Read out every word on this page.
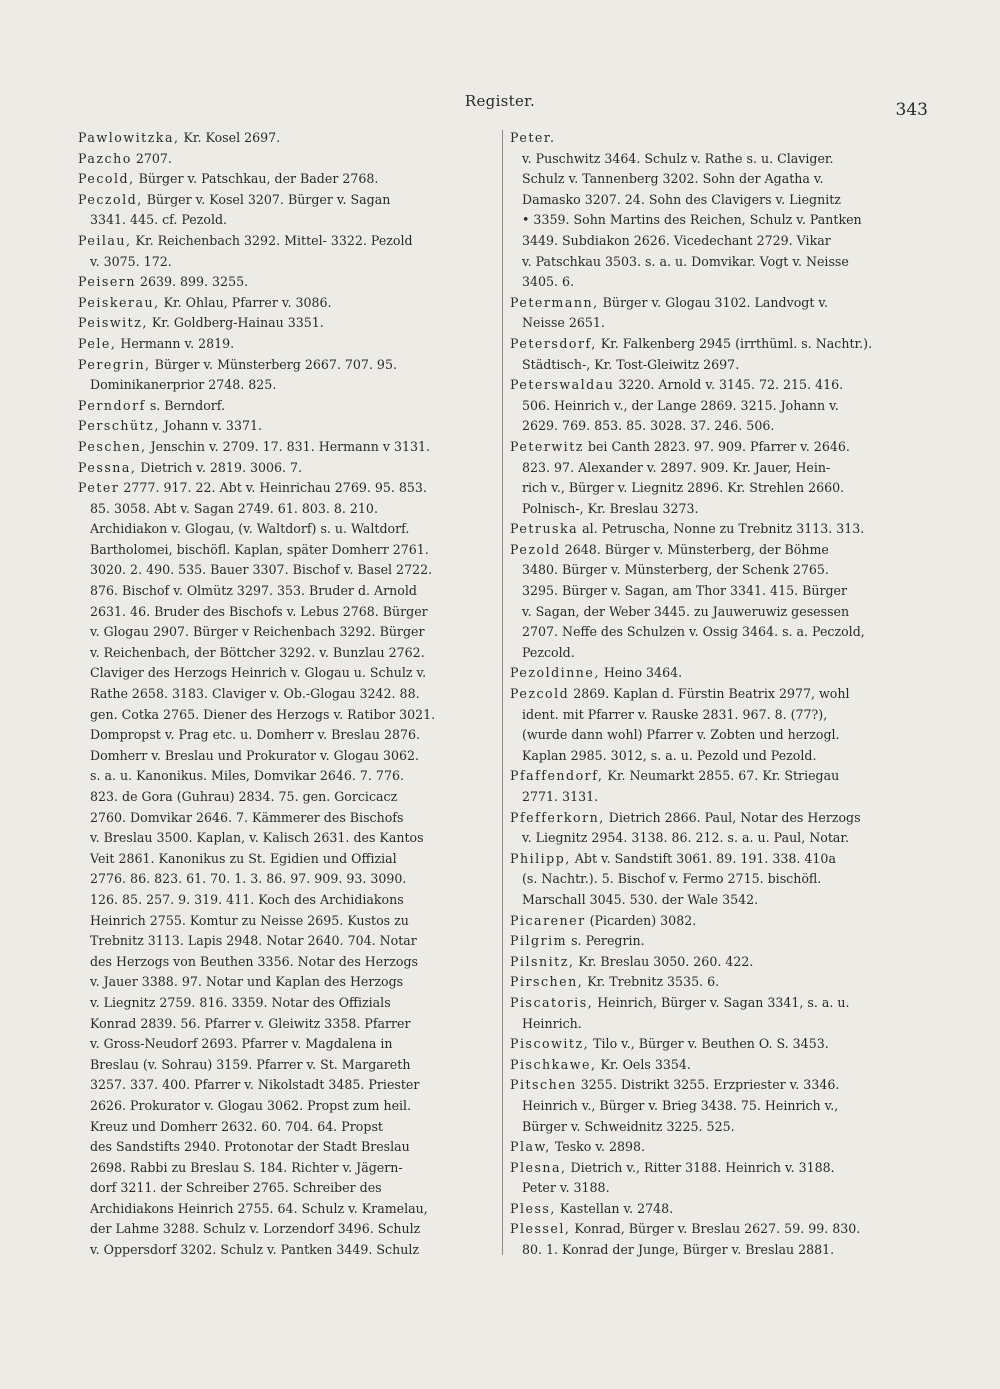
Register.	343
Pawlowitzka, Kr. Kosel 2697.
Pazcho 2707.
Pecold, Bürger v. Patschkau, der Bader 2768.
Peczold, Bürger v. Kosel 3207. Bürger v. Sagan
3341. 445. cf. Pezold.
Peilau, Kr. Reichenbach 3292. Mittel- 3322. Pezold
v. 3075. 172.
Peisern 2639. 899. 3255.
Peiskerau, Kr. Ohlau, Pfarrer v. 3086.
Peiswitz, Kr. Goldberg-Hainau 3351.
Pele, Hermann v. 2819.
Peregrin, Bürger v. Münsterberg 2667. 707. 95.
Dominikanerprior 2748. 825.
Perndorf s. Berndorf.
Perschütz, Johann v. 3371.
Peschen, Jenschin v. 2709. 17. 831. Hermann v 3131.
Pessna, Dietrich v. 2819. 3006. 7.
Peter 2777. 917. 22. Abt v. Heinrichau 2769. 95. 853.
85. 3058. Abt v. Sagan 2749. 61. 803. 8. 210.
Archidiakon v. Glogau, (v. Waltdorf) s. u. Waltdorf.
Bartholomei, bischöfl. Kaplan, später Domherr 2761.
3020. 2. 490. 535. Bauer 3307. Bischof v. Basel 2722.
876. Bischof v. Olmütz 3297. 353. Bruder d. Arnold
2631. 46. Bruder des Bischofs v. Lebus 2768. Bürger
v. Glogau 2907. Bürger v Reichenbach 3292. Bürger
v. Reichenbach, der Böttcher 3292. v. Bunzlau 2762.
Claviger des Herzogs Heinrich v. Glogau u. Schulz v.
Rathe 2658. 3183. Claviger v. Ob.-Glogau 3242. 88.
gen. Cotka 2765. Diener des Herzogs v. Ratibor 3021.
Dompropst v. Prag etc. u. Domherr v. Breslau 2876.
Domherr v. Breslau und Prokurator v. Glogau 3062.
s. a. u. Kanonikus. Miles, Domvikar 2646. 7. 776.
823. de Gora (Guhrau) 2834. 75. gen. Gorcicacz
2760. Domvikar 2646. 7. Kämmerer des Bischofs
v. Breslau 3500. Kaplan, v. Kalisch 2631. des Kantos
Veit 2861. Kanonikus zu St. Egidien und Offizial
2776. 86. 823. 61. 70. 1. 3. 86. 97. 909. 93. 3090.
126. 85. 257. 9. 319. 411. Koch des Archidiakons
Heinrich 2755. Komtur zu Neisse 2695. Kustos zu
Trebnitz 3113. Lapis 2948. Notar 2640. 704. Notar
des Herzogs von Beuthen 3356. Notar des Herzogs
v. Jauer 3388. 97. Notar und Kaplan des Herzogs
v. Liegnitz 2759. 816. 3359. Notar des Offizials
Konrad 2839. 56. Pfarrer v. Gleiwitz 3358. Pfarrer
v. Gross-Neudorf 2693. Pfarrer v. Magdalena in
Breslau (v. Sohrau) 3159. Pfarrer v. St. Margareth
3257. 337. 400. Pfarrer v. Nikolstadt 3485. Priester
2626. Prokurator v. Glogau 3062. Propst zum heil.
Kreuz und Domherr 2632. 60. 704. 64. Propst
des Sandstifts 2940. Protonotar der Stadt Breslau
2698. Rabbi zu Breslau S. 184. Richter v. Jägern-
dorf 3211. der Schreiber 2765. Schreiber des
Archidiakons Heinrich 2755. 64. Schulz v. Kramelau,
der Lahme 3288. Schulz v. Lorzendorf 3496. Schulz
v. Oppersdorf 3202. Schulz v. Pantken 3449. Schulz
Peter.
v. Puschwitz 3464. Schulz v. Rathe s. u. Claviger.
Schulz v. Tannenberg 3202. Sohn der Agatha v.
Damasko 3207. 24. Sohn des Clavigers v. Liegnitz
• 3359. Sohn Martins des Reichen, Schulz v. Pantken
3449. Subdiakon 2626. Vicedechant 2729. Vikar
v. Patschkau 3503. s. a. u. Domvikar. Vogt v. Neisse
3405. 6.
Petermann, Bürger v. Glogau 3102. Landvogt v.
Neisse 2651.
Petersdorf, Kr. Falkenberg 2945 (irrthüml. s. Nachtr.).
Städtisch-, Kr. Tost-Gleiwitz 2697.
Peterswaldau 3220. Arnold v. 3145. 72. 215. 416.
506. Heinrich v., der Lange 2869. 3215. Johann v.
2629. 769. 853. 85. 3028. 37. 246. 506.
Peterwitz bei Canth 2823. 97. 909. Pfarrer v. 2646.
823. 97. Alexander v. 2897. 909. Kr. Jauer, Hein-
rich v., Bürger v. Liegnitz 2896. Kr. Strehlen 2660.
Polnisch-, Kr. Breslau 3273.
Petruska al. Petruscha, Nonne zu Trebnitz 3113. 313.
Pezold 2648. Bürger v. Münsterberg, der Böhme
3480. Bürger v. Münsterberg, der Schenk 2765.
3295. Bürger v. Sagan, am Thor 3341. 415. Bürger
v. Sagan, der Weber 3445. zu Jauweruwiz gesessen
2707. Neffe des Schulzen v. Ossig 3464. s. a. Peczold,
Pezcold.
Pezoldinne, Heino 3464.
Pezcold 2869. Kaplan d. Fürstin Beatrix 2977, wohl
ident. mit Pfarrer v. Rauske 2831. 967. 8. (77?),
(wurde dann wohl) Pfarrer v. Zobten und herzogl.
Kaplan 2985. 3012, s. a. u. Pezold und Pezold.
Pfaffendorf, Kr. Neumarkt 2855. 67. Kr. Striegau
2771. 3131.
Pfefferkorn, Dietrich 2866. Paul, Notar des Herzogs
v. Liegnitz 2954. 3138. 86. 212. s. a. u. Paul, Notar.
Philipp, Abt v. Sandstift 3061. 89. 191. 338. 410a
(s. Nachtr.). 5. Bischof v. Fermo 2715. bischöfl.
Marschall 3045. 530. der Wale 3542.
Picarener (Picarden) 3082.
Pilgrim s. Peregrin.
Pilsnitz, Kr. Breslau 3050. 260. 422.
Pirschen, Kr. Trebnitz 3535. 6.
Piscatoris, Heinrich, Bürger v. Sagan 3341, s. a. u.
Heinrich.
Piscowitz, Tilo v., Bürger v. Beuthen O. S. 3453.
Pischkawe, Kr. Oels 3354.
Pitschen 3255. Distrikt 3255. Erzpriester v. 3346.
Heinrich v., Bürger v. Brieg 3438. 75. Heinrich v.,
Bürger v. Schweidnitz 3225. 525.
Plaw, Tesko v. 2898.
Plesna, Dietrich v., Ritter 3188. Heinrich v. 3188.
Peter v. 3188.
Pless, Kastellan v. 2748.
Plessel, Konrad, Bürger v. Breslau 2627. 59. 99. 830.
80. 1. Konrad der Junge, Bürger v. Breslau 2881.
